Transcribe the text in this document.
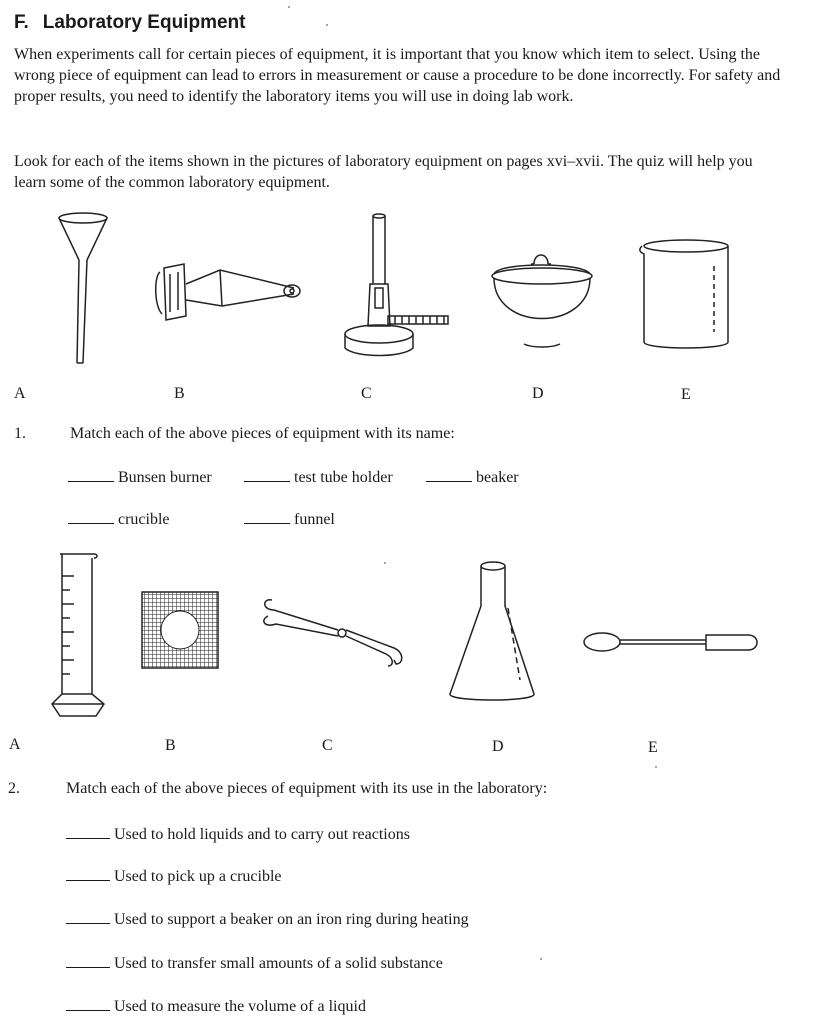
F. Laboratory Equipment
When experiments call for certain pieces of equipment, it is important that you know which item to select. Using the wrong piece of equipment can lead to errors in measurement or cause a procedure to be done incorrectly. For safety and proper results, you need to identify the laboratory items you will use in doing lab work.
Look for each of the items shown in the pictures of laboratory equipment on pages xvi–xvii. The quiz will help you learn some of the common laboratory equipment.
A	B	C	D	E
1.	Match each of the above pieces of equipment with its name:
Bunsen burner	test tube holder	beaker
crucible	funnel
A	B	C	D	E
2.	Match each of the above pieces of equipment with its use in the laboratory:
Used to hold liquids and to carry out reactions
Used to pick up a crucible
Used to support a beaker on an iron ring during heating
Used to transfer small amounts of a solid substance
Used to measure the volume of a liquid
